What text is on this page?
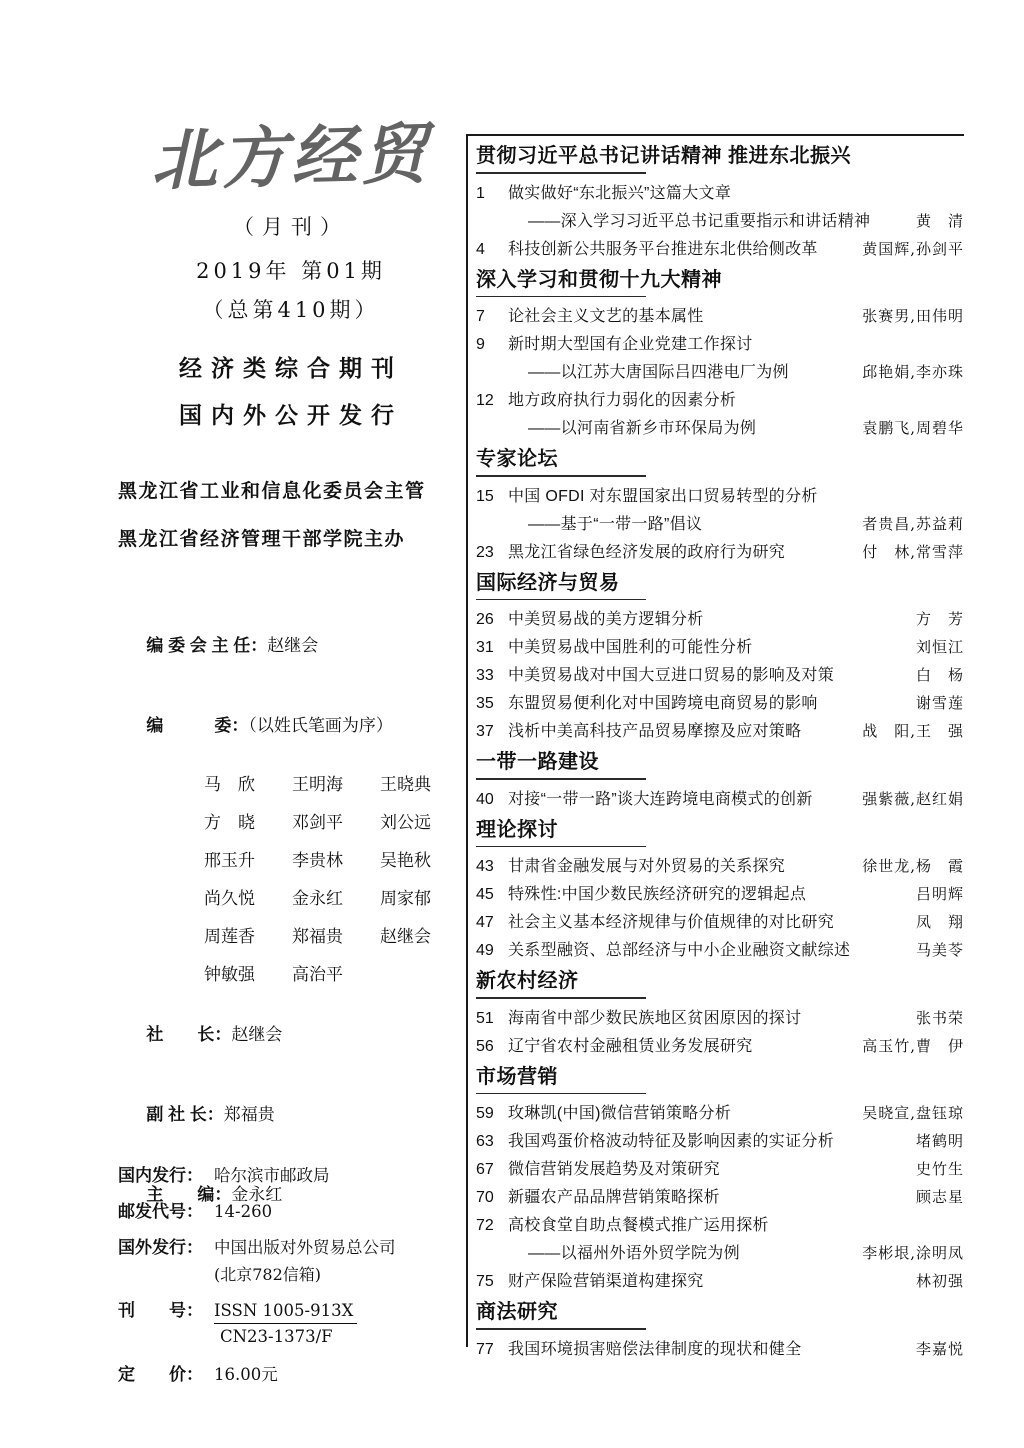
北方经贸
（月刊）
2019年 第01期
（总第410期）
经济类综合期刊
国内外公开发行
黑龙江省工业和信息化委员会主管
黑龙江省经济管理干部学院主办

编 委 会 主 任：赵继会

编　　　委：（以姓氏笔画为序）

马　欣	王明海	王晓典
方　晓	邓剑平	刘公远
邢玉升	李贵林	吴艳秋
尚久悦	金永红	周家郁
周莲香	郑福贵	赵继会
钟敏强	高治平

社　　长：赵继会

副 社 长：郑福贵

主　　编：金永红

国内发行： 哈尔滨市邮政局
邮发代号： 14-260
国外发行： 中国出版对外贸易总公司
(北京782信箱)
刊　　号： $\frac{\text{ISSN 1005-913X}}{CN23-1373/F}$
定　　价： 16.00元
贯彻习近平总书记讲话精神 推进东北振兴
1	做实做好“东北振兴”这篇大文章
——深入学习习近平总书记重要指示和讲话精神	黄　清
4	科技创新公共服务平台推进东北供给侧改革	黄国辉,孙剑平
深入学习和贯彻十九大精神
7	论社会主义文艺的基本属性	张赛男,田伟明
9	新时期大型国有企业党建工作探讨
——以江苏大唐国际吕四港电厂为例	邱艳娟,李亦珠
12 地方政府执行力弱化的因素分析
——以河南省新乡市环保局为例	袁鹏飞,周碧华
专家论坛
15 中国 OFDI 对东盟国家出口贸易转型的分析
——基于“一带一路”倡议	者贵昌,苏益莉
23 黑龙江省绿色经济发展的政府行为研究	付　林,常雪萍
国际经济与贸易
26 中美贸易战的美方逻辑分析	方　芳
31 中美贸易战中国胜利的可能性分析	刘恒江
33 中美贸易战对中国大豆进口贸易的影响及对策	白　杨
35 东盟贸易便利化对中国跨境电商贸易的影响	谢雪莲
37 浅析中美高科技产品贸易摩擦及应对策略	战　阳,王　强
一带一路建设
40 对接“一带一路”谈大连跨境电商模式的创新	强紫薇,赵红娟
理论探讨
43 甘肃省金融发展与对外贸易的关系探究	徐世龙,杨　霞
45 特殊性:中国少数民族经济研究的逻辑起点	吕明辉
47 社会主义基本经济规律与价值规律的对比研究	凤　翔
49 关系型融资、总部经济与中小企业融资文献综述	马美苓
新农村经济
51 海南省中部少数民族地区贫困原因的探讨	张书荣
56 辽宁省农村金融租赁业务发展研究	高玉竹,曹　伊
市场营销
59 玫琳凯(中国)微信营销策略分析	吴晓宣,盘钰琼
63 我国鸡蛋价格波动特征及影响因素的实证分析	堵鹤明
67 微信营销发展趋势及对策研究	史竹生
70 新疆农产品品牌营销策略探析	顾志星
72 高校食堂自助点餐模式推广运用探析
——以福州外语外贸学院为例	李彬垠,涂明凤
75 财产保险营销渠道构建探究	林初强
商法研究
77 我国环境损害赔偿法律制度的现状和健全	李嘉悦
